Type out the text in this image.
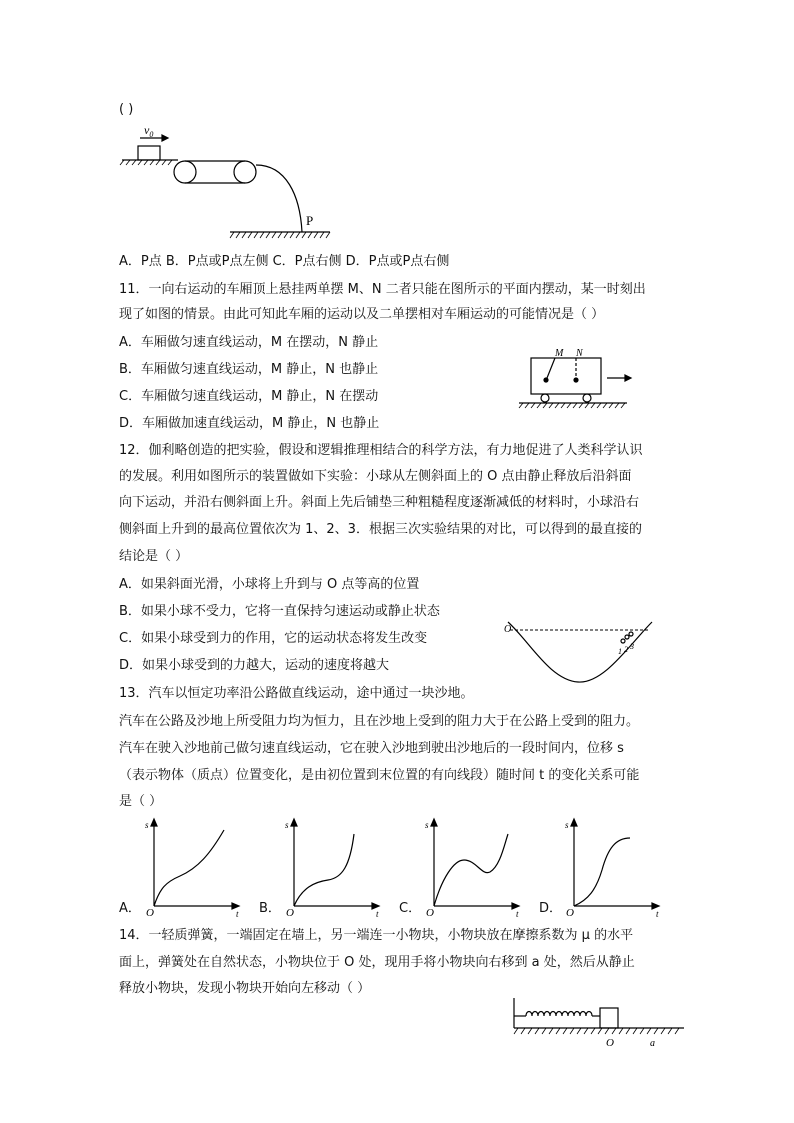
( )
$v_0$
P
A．P点 B．P点或P点左侧 C．P点右侧 D．P点或P点右侧
11．一向右运动的车厢顶上悬挂两单摆 M、N 二者只能在图所示的平面内摆动，某一时刻出
现了如图的情景。由此可知此车厢的运动以及二单摆相对车厢运动的可能情况是（ ）
A．车厢做匀速直线运动，M 在摆动，N 静止
B．车厢做匀速直线运动，M 静止，N 也静止
C．车厢做匀速直线运动，M 静止，N 在摆动
D．车厢做加速直线运动，M 静止，N 也静止
M N
12．伽利略创造的把实验，假设和逻辑推理相结合的科学方法，有力地促进了人类科学认识
的发展。利用如图所示的装置做如下实验：小球从左侧斜面上的 O 点由静止释放后沿斜面
向下运动，并沿右侧斜面上升。斜面上先后铺垫三种粗糙程度逐渐减低的材料时，小球沿右
侧斜面上升到的最高位置依次为 1、2、3．根据三次实验结果的对比，可以得到的最直接的
结论是（ ）
A．如果斜面光滑，小球将上升到与 O 点等高的位置
B．如果小球不受力，它将一直保持匀速运动或静止状态
C．如果小球受到力的作用，它的运动状态将发生改变
D．如果小球受到的力越大，运动的速度将越大
O
1 2 3
13．汽车以恒定功率沿公路做直线运动，途中通过一块沙地。
汽车在公路及沙地上所受阻力均为恒力，且在沙地上受到的阻力大于在公路上受到的阻力。
汽车在驶入沙地前己做匀速直线运动，它在驶入沙地到驶出沙地后的一段时间内，位移 s
（表示物体（质点）位置变化，是由初位置到末位置的有向线段）随时间 t 的变化关系可能
是（ ）
A．
s
O	t B．
s
O	t C．
s
O	t D．
s
O	t
14．一轻质弹簧，一端固定在墙上，另一端连一小物块，小物块放在摩擦系数为 μ 的水平
面上，弹簧处在自然状态，小物块位于 O 处，现用手将小物块向右移到 a 处，然后从静止
释放小物块，发现小物块开始向左移动（ ）
O	a
